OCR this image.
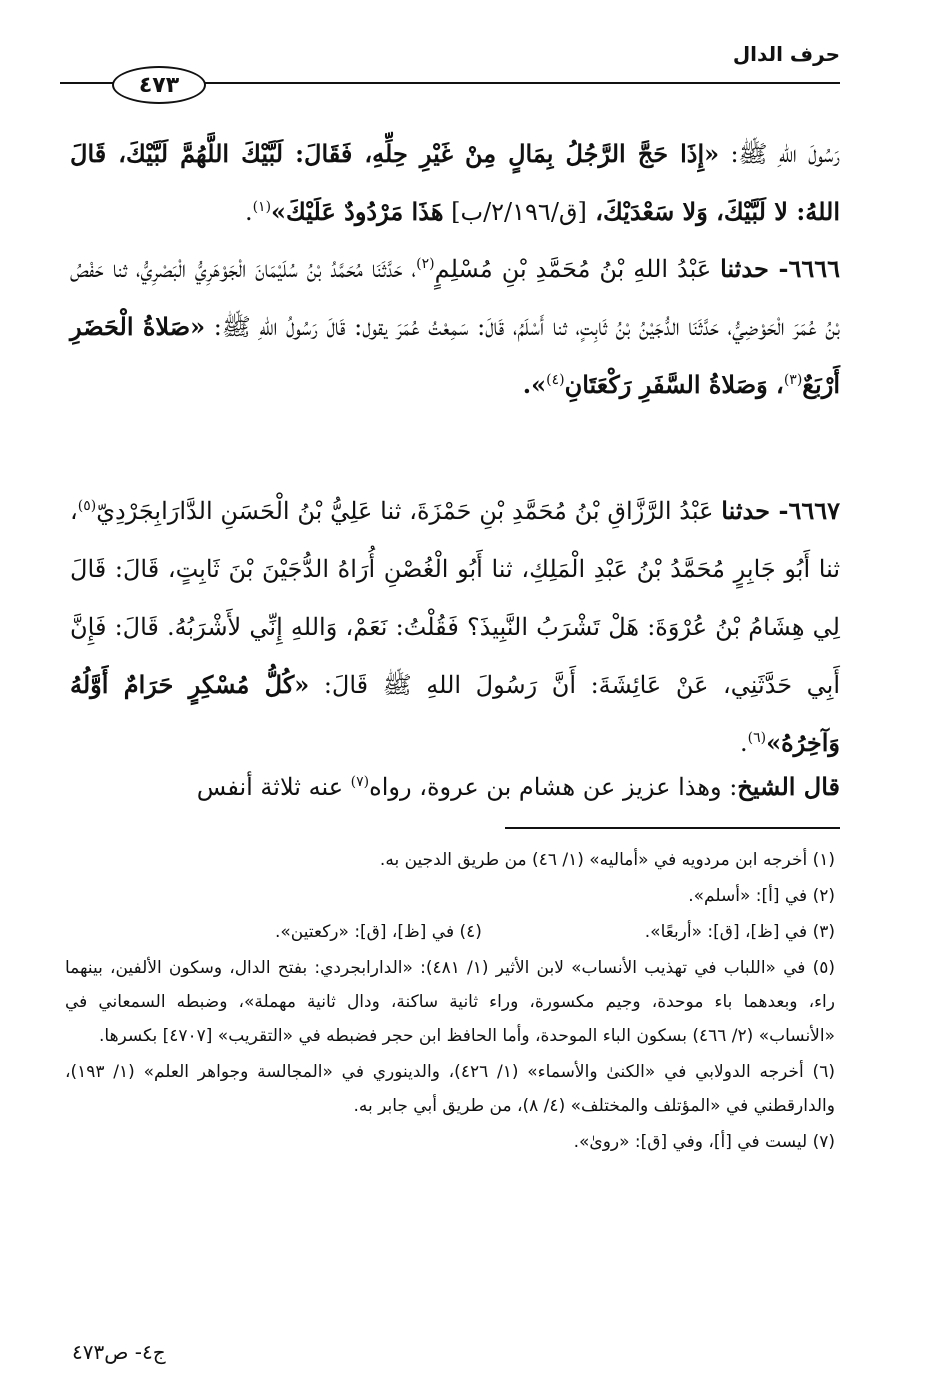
حرف الدال
٤٧٣
رَسُولَ اللهِ ﷺ: «إِذَا حَجَّ الرَّجُلُ بِمَالٍ مِنْ غَيْرِ حِلِّهِ، فَقَالَ: لَبَّيْكَ اللَّهُمَّ لَبَّيْكَ، قَالَ اللهُ: لا لَبَّيْكَ، وَلا سَعْدَيْكَ، [ق/٢/١٩٦/ب] هَذَا مَرْدُودٌ عَلَيْكَ»$^{(١)}$.
٦٦٦٦- حدثنا عَبْدُ اللهِ بْنُ مُحَمَّدِ بْنِ مُسْلِمٍ$^{(٢)}$، حَدَّثَنَا مُحَمَّدُ بْنُ سُلَيْمَانَ الْجَوْهَرِيُّ الْبَصْرِيُّ، ثنا حَفْصُ بْنُ عُمَرَ الْحَوْضِيُّ، حَدَّثَنَا الدُّجَيْنُ بْنُ ثَابِتٍ، ثنا أَسْلَمُ، قَالَ: سَمِعْتُ عُمَرَ يقول: قَالَ رَسُولُ اللهِ ﷺ: «صَلاةُ الْحَضَرِ أَرْبَعٌ$^{(٣)}$، وَصَلاةُ السَّفَرِ رَكْعَتَانِ$^{(٤)}$».
٦٦٦٧- حدثنا عَبْدُ الرَّزَّاقِ بْنُ مُحَمَّدِ بْنِ حَمْزَةَ، ثنا عَلِيُّ بْنُ الْحَسَنِ الدَّارَابِجَرْدِيّ$^{(٥)}$، ثنا أَبُو جَابِرٍ مُحَمَّدُ بْنُ عَبْدِ الْمَلِكِ، ثنا أَبُو الْغُصْنِ أُرَاهُ الدُّجَيْنَ بْنَ ثَابِتٍ، قَالَ: قَالَ لِي هِشَامُ بْنُ عُرْوَةَ: هَلْ تَشْرَبُ النَّبِيذَ؟ فَقُلْتُ: نَعَمْ، وَاللهِ إِنِّي لأَشْرَبُهُ. قَالَ: فَإِنَّ أَبِي حَدَّثَنِي، عَنْ عَائِشَةَ: أَنَّ رَسُولَ اللهِ ﷺ قَالَ: «كُلُّ مُسْكِرٍ حَرَامٌ أَوَّلُهُ وَآخِرُهُ»$^{(٦)}$.
قال الشيخ: وهذا عزيز عن هشام بن عروة، رواه$^{(٧)}$ عنه ثلاثة أنفس

(١) أخرجه ابن مردويه في «أماليه» (١/ ٤٦) من طريق الدجين به.

(٢) في [أ]: «أسلم».

(٣) في [ظ]، [ق]: «أربعًا».
(٤) في [ظ]، [ق]: «ركعتين».

(٥) في «اللباب في تهذيب الأنساب» لابن الأثير (١/ ٤٨١): «الدارابجردي: بفتح الدال، وسكون الألفين، بينهما راء، وبعدهما باء موحدة، وجيم مكسورة، وراء ثانية ساكنة، ودال ثانية مهملة»، وضبطه السمعاني في «الأنساب» (٢/ ٤٦٦) بسكون الباء الموحدة، وأما الحافظ ابن حجر فضبطه في «التقريب» [٤٧٠٧] بكسرها.

(٦) أخرجه الدولابي في «الكنىٰ والأسماء» (١/ ٤٢٦)، والدينوري في «المجالسة وجواهر العلم» (١/ ١٩٣)، والدارقطني في «المؤتلف والمختلف» (٤/ ٨)، من طريق أبي جابر به.

(٧) ليست في [أ]، وفي [ق]: «روىٰ».

ج٤- ص٤٧٣
